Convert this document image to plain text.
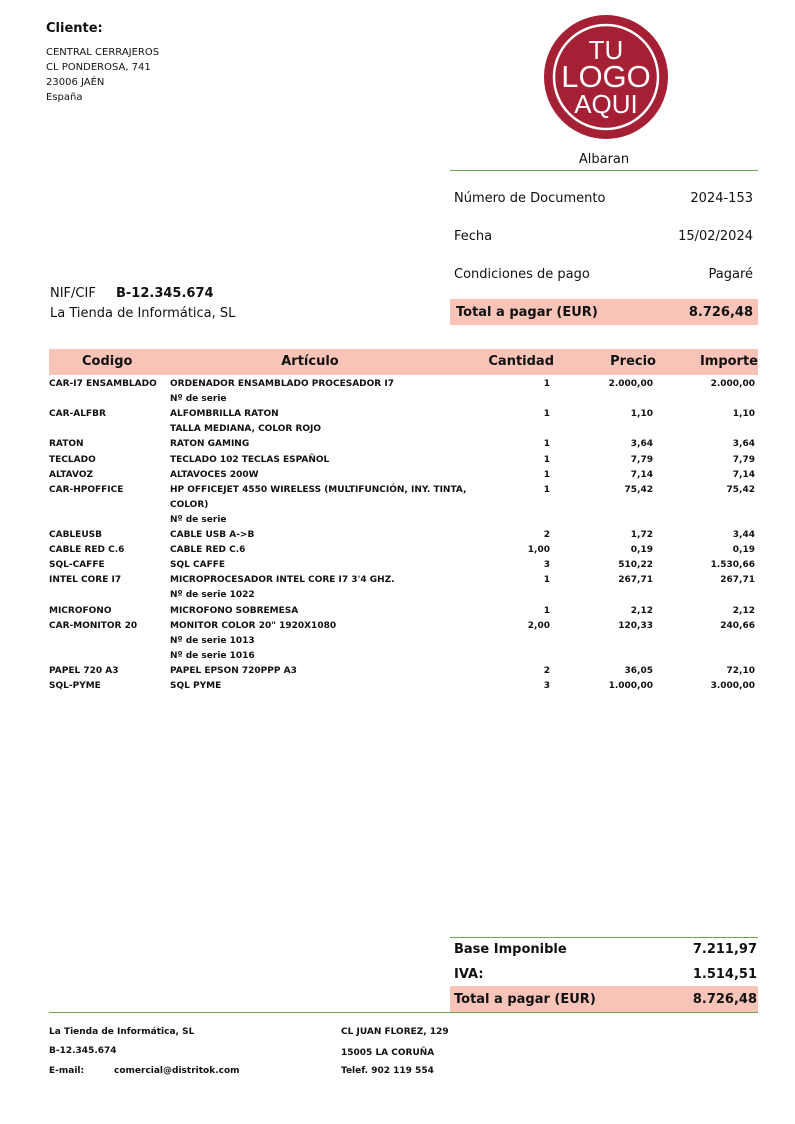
Cliente:
CENTRAL CERRAJEROS
CL PONDEROSA, 741
23006 JAÉN
España
TU
LOGO
AQUI
Albaran
Número de Documento	2024-153
Fecha	15/02/2024
Condiciones de pago	Pagaré
Total a pagar (EUR)	8.726,48
NIF/CIF B-12.345.674
La Tienda de Informática, SL
Codigo	Artículo	Cantidad	Precio	Importe
CAR-I7 ENSAMBLADO	ORDENADOR ENSAMBLADO PROCESADOR I7	1	2.000,00	2.000,00
Nº de serie
CAR-ALFBR	ALFOMBRILLA RATON	1	1,10	1,10
TALLA MEDIANA, COLOR ROJO
RATON	RATON GAMING	1	3,64	3,64
TECLADO	TECLADO 102 TECLAS ESPAÑOL	1	7,79	7,79
ALTAVOZ	ALTAVOCES 200W	1	7,14	7,14
CAR-HPOFFICE	HP OFFICEJET 4550 WIRELESS (MULTIFUNCIÓN, INY. TINTA,	1	75,42	75,42
COLOR)
Nº de serie
CABLEUSB	CABLE USB A->B	2	1,72	3,44
CABLE RED C.6	CABLE RED C.6	1,00	0,19	0,19
SQL-CAFFE	SQL CAFFE	3	510,22	1.530,66
INTEL CORE I7	MICROPROCESADOR INTEL CORE I7 3'4 GHZ.	1	267,71	267,71
Nº de serie 1022
MICROFONO	MICROFONO SOBREMESA	1	2,12	2,12
CAR-MONITOR 20	MONITOR COLOR 20" 1920X1080	2,00	120,33	240,66
Nº de serie 1013
Nº de serie 1016
PAPEL 720 A3	PAPEL EPSON 720PPP A3	2	36,05	72,10
SQL-PYME	SQL PYME	3	1.000,00	3.000,00
Base Imponible	7.211,97
IVA:	1.514,51
Total a pagar (EUR)	8.726,48
La Tienda de Informática, SL
B-12.345.674
E-mail:	comercial@distritok.com
CL JUAN FLOREZ, 129
15005 LA CORUÑA
Telef. 902 119 554
